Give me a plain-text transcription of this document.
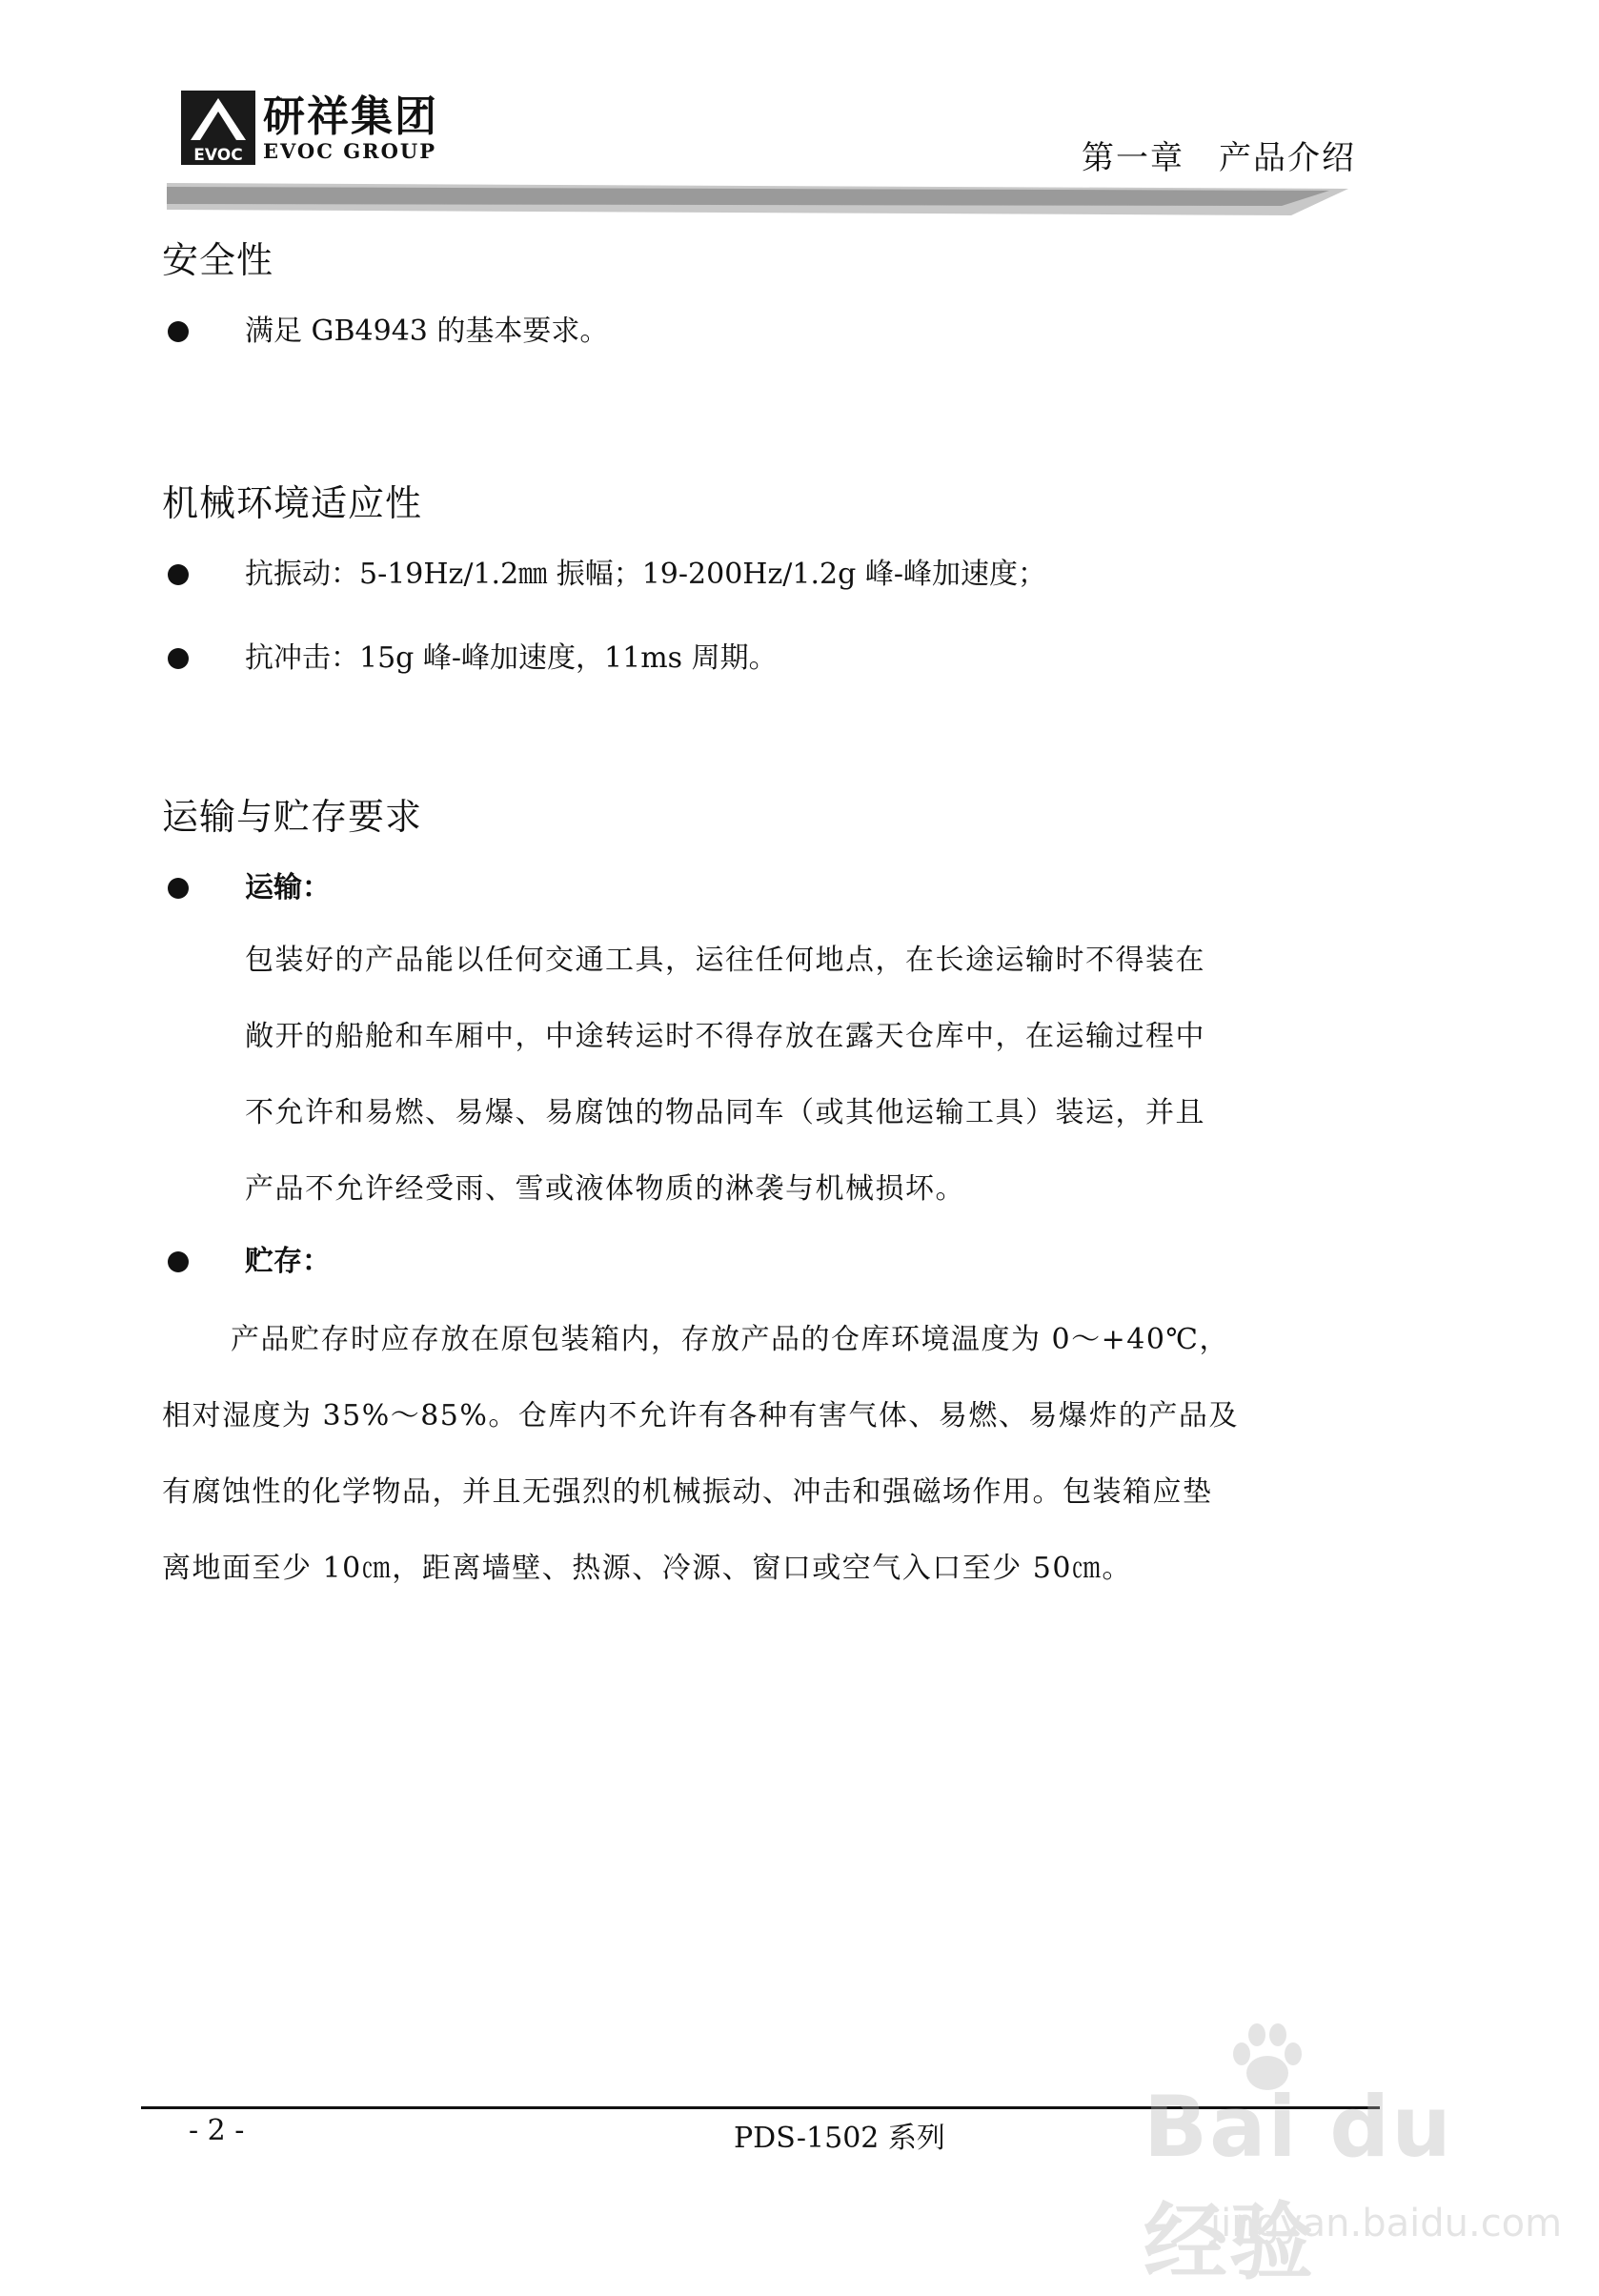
EVOC
研祥集团
EVOC GROUP	第一章　产品介绍
安全性
满足 GB4943 的基本要求。
机械环境适应性
抗振动：5-19Hz/1.2㎜ 振幅；19-200Hz/1.2g 峰-峰加速度；
抗冲击：15g 峰-峰加速度，11ms 周期。
运输与贮存要求
运输：
包装好的产品能以任何交通工具，运往任何地点，在长途运输时不得装在
敞开的船舱和车厢中，中途转运时不得存放在露天仓库中，在运输过程中
不允许和易燃、易爆、易腐蚀的物品同车（或其他运输工具）装运，并且
产品不允许经受雨、雪或液体物质的淋袭与机械损坏。
贮存：
产品贮存时应存放在原包装箱内，存放产品的仓库环境温度为 0～+40℃，
相对湿度为 35%～85%。仓库内不允许有各种有害气体、易燃、易爆炸的产品及
有腐蚀性的化学物品，并且无强烈的机械振动、冲击和强磁场作用。包装箱应垫
离地面至少 10㎝，距离墙壁、热源、冷源、窗口或空气入口至少 50㎝。
- 2 -	PDS-1502 系列 Bai du 经验
jingyan.baidu.com
